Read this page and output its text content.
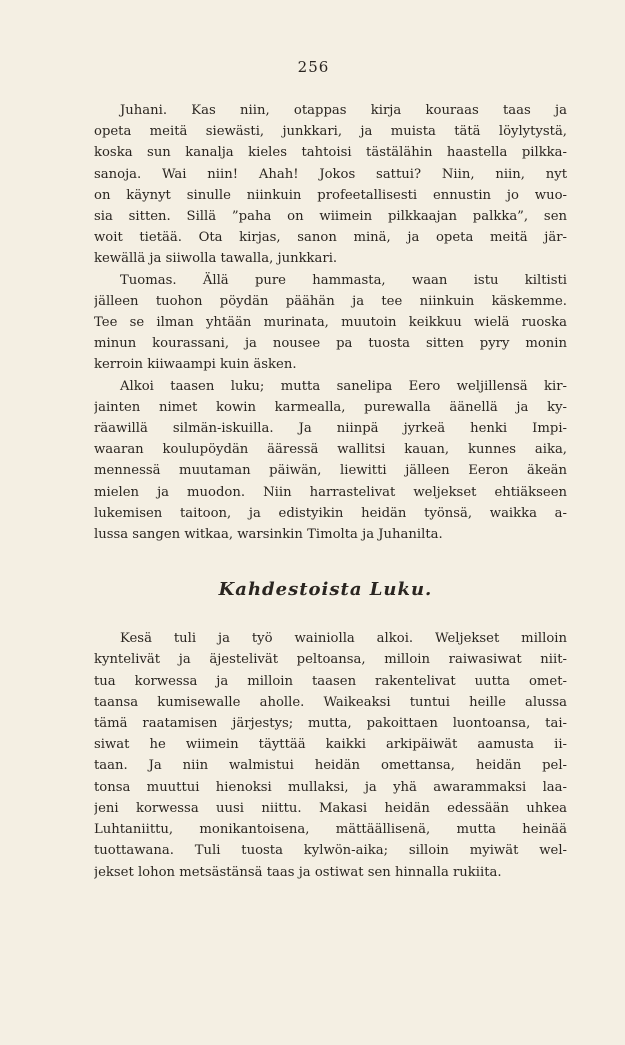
256
Juhani. Kas niin, otappas kirja kouraas taas ja
opeta meitä siewästi, junkkari, ja muista tätä löylytystä,
koska sun kanalja kieles tahtoisi tästälähin haastella pilkka-
sanoja. Wai niin! Ahah! Jokos sattui? Niin, niin, nyt
on käynyt sinulle niinkuin profeetallisesti ennustin jo wuo-
sia sitten. Sillä ”paha on wiimein pilkkaajan palkka”, sen
woit tietää. Ota kirjas, sanon minä, ja opeta meitä jär-
kewällä ja siiwolla tawalla, junkkari.
Tuomas. Ällä pure hammasta, waan istu kiltisti
jälleen tuohon pöydän päähän ja tee niinkuin käskemme.
Tee se ilman yhtään murinata, muutoin keikkuu wielä ruoska
minun kourassani, ja nousee pa tuosta sitten pyry monin
kerroin kiiwaampi kuin äsken.
Alkoi taasen luku; mutta sanelipa Eero weljillensä kir-
jainten nimet kowin karmealla, purewalla äänellä ja ky-
räawillä silmän-iskuilla. Ja niinpä jyrkeä henki Impi-
waaran koulupöydän ääressä wallitsi kauan, kunnes aika,
mennessä muutaman päiwän, liewitti jälleen Eeron äkeän
mielen ja muodon. Niin harrastelivat weljekset ehtiäkseen
lukemisen taitoon, ja edistyikin heidän työnsä, waikka a-
lussa sangen witkaa, warsinkin Timolta ja Juhanilta.
Kahdestoista Luku.
Kesä tuli ja työ wainiolla alkoi. Weljekset milloin
kyntelivät ja äjestelivät peltoansa, milloin raiwasiwat niit-
tua korwessa ja milloin taasen rakentelivat uutta omet-
taansa kumisewalle aholle. Waikeaksi tuntui heille alussa
tämä raatamisen järjestys; mutta, pakoittaen luontoansa, tai-
siwat he wiimein täyttää kaikki arkipäiwät aamusta ii-
taan. Ja niin walmistui heidän omettansa, heidän pel-
tonsa muuttui hienoksi mullaksi, ja yhä awarammaksi laa-
jeni korwessa uusi niittu. Makasi heidän edessään uhkea
Luhtaniittu, monikantoisena, mättäällisenä, mutta heinää
tuottawana. Tuli tuosta kylwön-aika; silloin myiwät wel-
jekset lohon metsästänsä taas ja ostiwat sen hinnalla rukiita.
